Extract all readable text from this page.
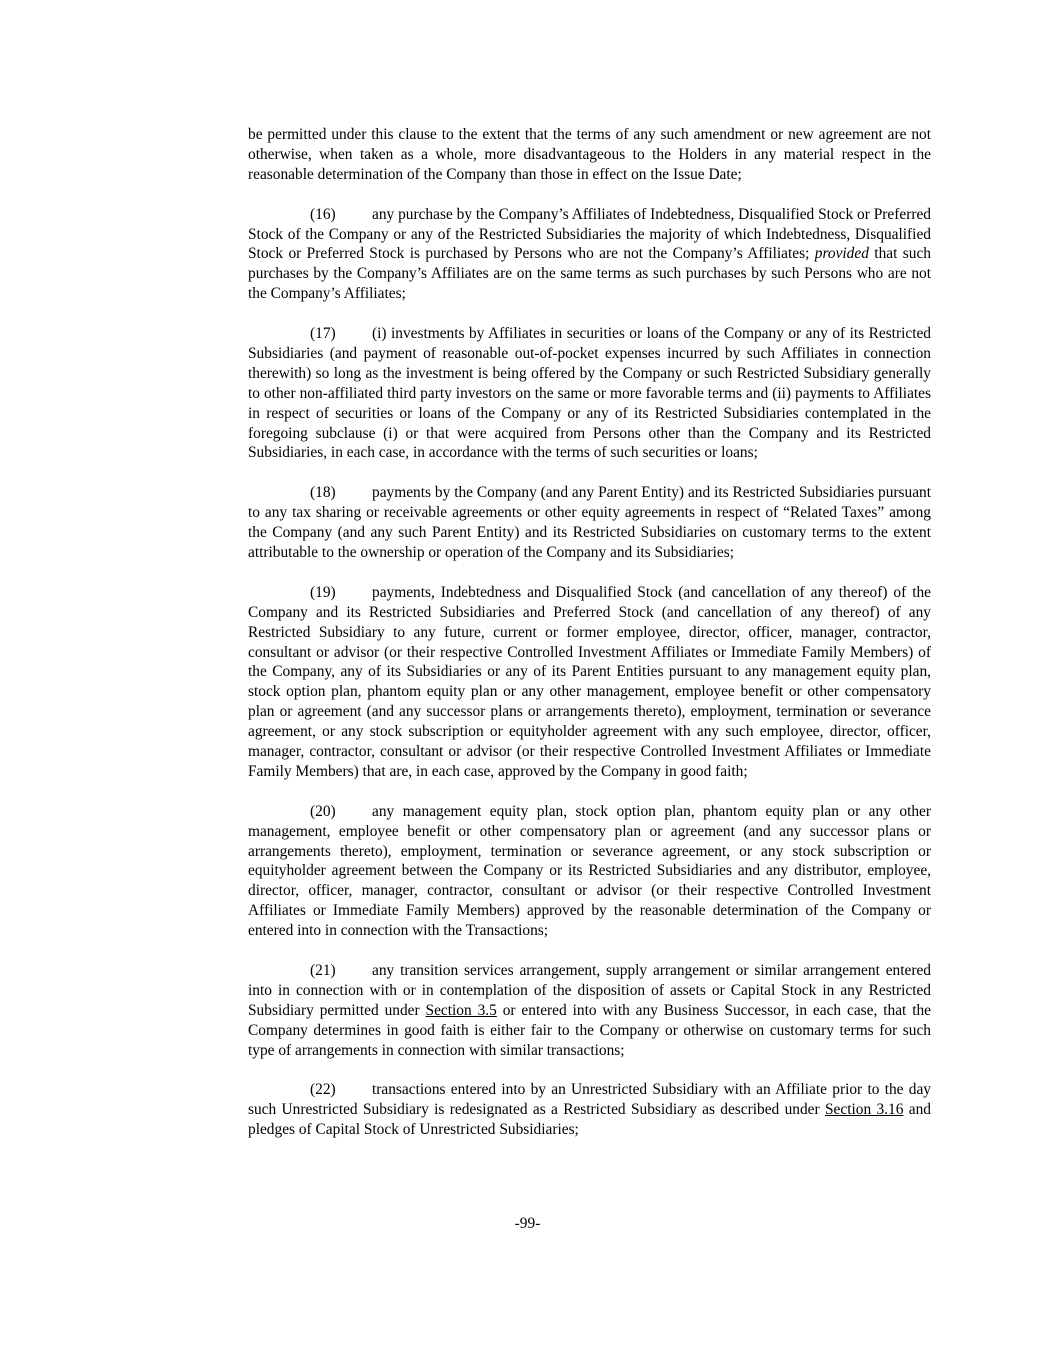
be permitted under this clause to the extent that the terms of any such amendment or new agreement are not otherwise, when taken as a whole, more disadvantageous to the Holders in any material respect in the reasonable determination of the Company than those in effect on the Issue Date;

(16) any purchase by the Company’s Affiliates of Indebtedness, Disqualified Stock or Preferred Stock of the Company or any of the Restricted Subsidiaries the majority of which Indebtedness, Disqualified Stock or Preferred Stock is purchased by Persons who are not the Company’s Affiliates; provided that such purchases by the Company’s Affiliates are on the same terms as such purchases by such Persons who are not the Company’s Affiliates;

(17) (i) investments by Affiliates in securities or loans of the Company or any of its Restricted Subsidiaries (and payment of reasonable out-of-pocket expenses incurred by such Affiliates in connection therewith) so long as the investment is being offered by the Company or such Restricted Subsidiary generally to other non-affiliated third party investors on the same or more favorable terms and (ii) payments to Affiliates in respect of securities or loans of the Company or any of its Restricted Subsidiaries contemplated in the foregoing subclause (i) or that were acquired from Persons other than the Company and its Restricted Subsidiaries, in each case, in accordance with the terms of such securities or loans;

(18) payments by the Company (and any Parent Entity) and its Restricted Subsidiaries pursuant to any tax sharing or receivable agreements or other equity agreements in respect of “Related Taxes” among the Company (and any such Parent Entity) and its Restricted Subsidiaries on customary terms to the extent attributable to the ownership or operation of the Company and its Subsidiaries;

(19) payments, Indebtedness and Disqualified Stock (and cancellation of any thereof) of the Company and its Restricted Subsidiaries and Preferred Stock (and cancellation of any thereof) of any Restricted Subsidiary to any future, current or former employee, director, officer, manager, contractor, consultant or advisor (or their respective Controlled Investment Affiliates or Immediate Family Members) of the Company, any of its Subsidiaries or any of its Parent Entities pursuant to any management equity plan, stock option plan, phantom equity plan or any other management, employee benefit or other compensatory plan or agreement (and any successor plans or arrangements thereto), employment, termination or severance agreement, or any stock subscription or equityholder agreement with any such employee, director, officer, manager, contractor, consultant or advisor (or their respective Controlled Investment Affiliates or Immediate Family Members) that are, in each case, approved by the Company in good faith;

(20) any management equity plan, stock option plan, phantom equity plan or any other management, employee benefit or other compensatory plan or agreement (and any successor plans or arrangements thereto), employment, termination or severance agreement, or any stock subscription or equityholder agreement between the Company or its Restricted Subsidiaries and any distributor, employee, director, officer, manager, contractor, consultant or advisor (or their respective Controlled Investment Affiliates or Immediate Family Members) approved by the reasonable determination of the Company or entered into in connection with the Transactions;

(21) any transition services arrangement, supply arrangement or similar arrangement entered into in connection with or in contemplation of the disposition of assets or Capital Stock in any Restricted Subsidiary permitted under Section 3.5 or entered into with any Business Successor, in each case, that the Company determines in good faith is either fair to the Company or otherwise on customary terms for such type of arrangements in connection with similar transactions;

(22) transactions entered into by an Unrestricted Subsidiary with an Affiliate prior to the day such Unrestricted Subsidiary is redesignated as a Restricted Subsidiary as described under Section 3.16 and pledges of Capital Stock of Unrestricted Subsidiaries;

-99-
